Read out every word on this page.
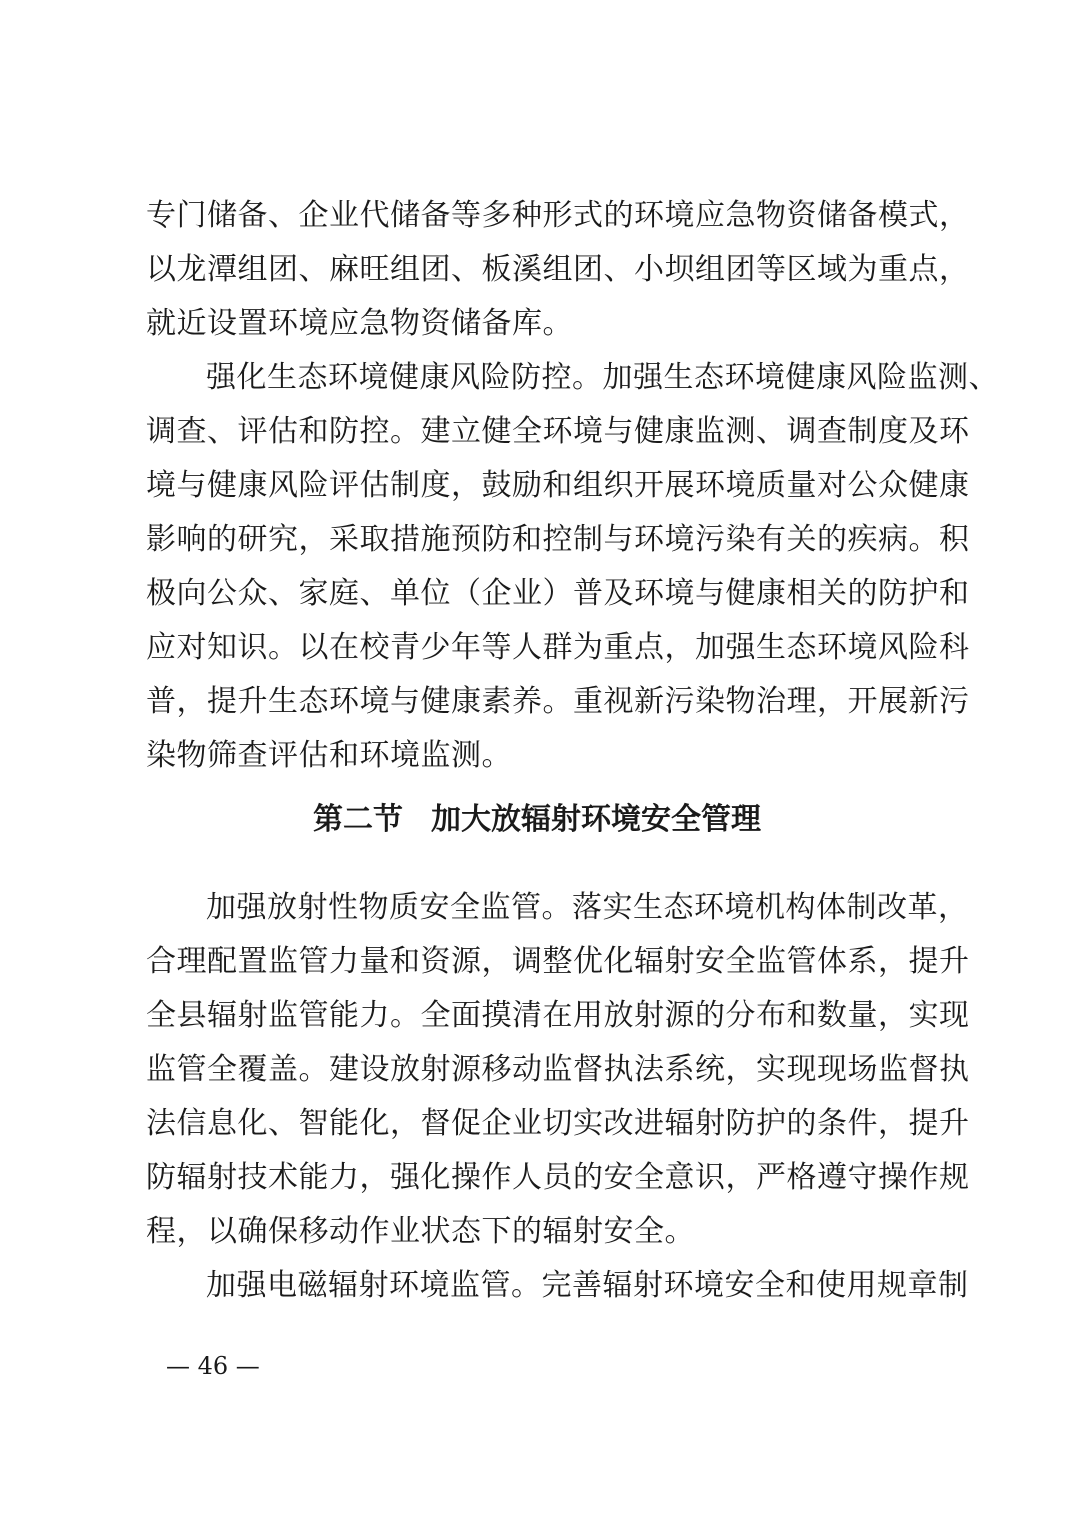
专门储备、企业代储备等多种形式的环境应急物资储备模式，
以龙潭组团、麻旺组团、板溪组团、小坝组团等区域为重点，
就近设置环境应急物资储备库。
强化生态环境健康风险防控。加强生态环境健康风险监测、
调查、评估和防控。建立健全环境与健康监测、调查制度及环
境与健康风险评估制度，鼓励和组织开展环境质量对公众健康
影响的研究，采取措施预防和控制与环境污染有关的疾病。积
极向公众、家庭、单位（企业）普及环境与健康相关的防护和
应对知识。以在校青少年等人群为重点，加强生态环境风险科
普，提升生态环境与健康素养。重视新污染物治理，开展新污
染物筛查评估和环境监测。
第二节 加大放辐射环境安全管理
加强放射性物质安全监管。落实生态环境机构体制改革，
合理配置监管力量和资源，调整优化辐射安全监管体系，提升
全县辐射监管能力。全面摸清在用放射源的分布和数量，实现
监管全覆盖。建设放射源移动监督执法系统，实现现场监督执
法信息化、智能化，督促企业切实改进辐射防护的条件，提升
防辐射技术能力，强化操作人员的安全意识，严格遵守操作规
程，以确保移动作业状态下的辐射安全。
加强电磁辐射环境监管。完善辐射环境安全和使用规章制
— 46 —
